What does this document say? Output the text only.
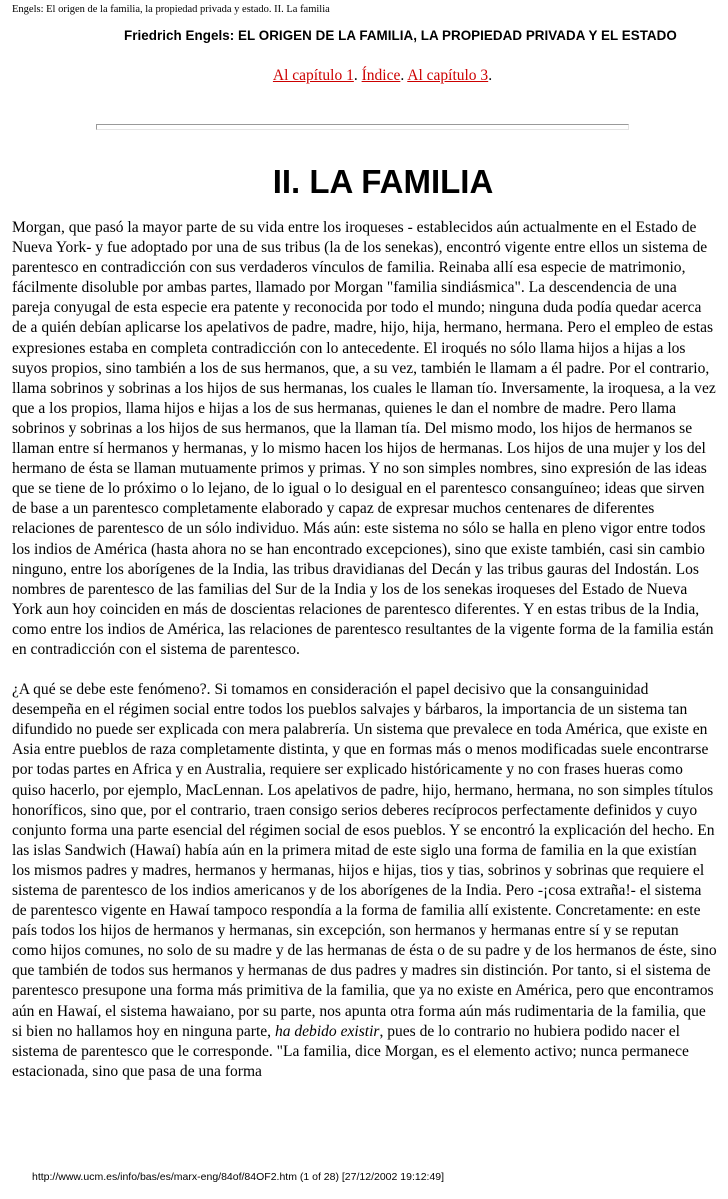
Engels: El origen de la familia, la propiedad privada y estado. II. La familia
Friedrich Engels: EL ORIGEN DE LA FAMILIA, LA PROPIEDAD PRIVADA Y EL ESTADO
Al capítulo 1. Índice. Al capítulo 3.
II. LA FAMILIA

Morgan, que pasó la mayor parte de su vida entre los iroqueses - establecidos aún actualmente en el Estado de Nueva York- y fue adoptado por una de sus tribus (la de los senekas), encontró vigente entre ellos un sistema de parentesco en contradicción con sus verdaderos vínculos de familia. Reinaba allí esa especie de matrimonio, fácilmente disoluble por ambas partes, llamado por Morgan "familia sindiásmica". La descendencia de una pareja conyugal de esta especie era patente y reconocida por todo el mundo; ninguna duda podía quedar acerca de a quién debían aplicarse los apelativos de padre, madre, hijo, hija, hermano, hermana. Pero el empleo de estas expresiones estaba en completa contradicción con lo antecedente. El iroqués no sólo llama hijos a hijas a los suyos propios, sino también a los de sus hermanos, que, a su vez, también le llamam a él padre. Por el contrario, llama sobrinos y sobrinas a los hijos de sus hermanas, los cuales le llaman tío. Inversamente, la iroquesa, a la vez que a los propios, llama hijos e hijas a los de sus hermanas, quienes le dan el nombre de madre. Pero llama sobrinos y sobrinas a los hijos de sus hermanos, que la llaman tía. Del mismo modo, los hijos de hermanos se llaman entre sí hermanos y hermanas, y lo mismo hacen los hijos de hermanas. Los hijos de una mujer y los del hermano de ésta se llaman mutuamente primos y primas. Y no son simples nombres, sino expresión de las ideas que se tiene de lo próximo o lo lejano, de lo igual o lo desigual en el parentesco consanguíneo; ideas que sirven de base a un parentesco completamente elaborado y capaz de expresar muchos centenares de diferentes relaciones de parentesco de un sólo individuo. Más aún: este sistema no sólo se halla en pleno vigor entre todos los indios de América (hasta ahora no se han encontrado excepciones), sino que existe también, casi sin cambio ninguno, entre los aborígenes de la India, las tribus dravidianas del Decán y las tribus gauras del Indostán. Los nombres de parentesco de las familias del Sur de la India y los de los senekas iroqueses del Estado de Nueva York aun hoy coinciden en más de doscientas relaciones de parentesco diferentes. Y en estas tribus de la India, como entre los indios de América, las relaciones de parentesco resultantes de la vigente forma de la familia están en contradicción con el sistema de parentesco.

¿A qué se debe este fenómeno?. Si tomamos en consideración el papel decisivo que la consanguinidad desempeña en el régimen social entre todos los pueblos salvajes y bárbaros, la importancia de un sistema tan difundido no puede ser explicada con mera palabrería. Un sistema que prevalece en toda América, que existe en Asia entre pueblos de raza completamente distinta, y que en formas más o menos modificadas suele encontrarse por todas partes en Africa y en Australia, requiere ser explicado históricamente y no con frases hueras como quiso hacerlo, por ejemplo, MacLennan. Los apelativos de padre, hijo, hermano, hermana, no son simples títulos honoríficos, sino que, por el contrario, traen consigo serios deberes recíprocos perfectamente definidos y cuyo conjunto forma una parte esencial del régimen social de esos pueblos. Y se encontró la explicación del hecho. En las islas Sandwich (Hawaí) había aún en la primera mitad de este siglo una forma de familia en la que existían los mismos padres y madres, hermanos y hermanas, hijos e hijas, tios y tias, sobrinos y sobrinas que requiere el sistema de parentesco de los indios americanos y de los aborígenes de la India. Pero -¡cosa extraña!- el sistema de parentesco vigente en Hawaí tampoco respondía a la forma de familia allí existente. Concretamente: en este país todos los hijos de hermanos y hermanas, sin excepción, son hermanos y hermanas entre sí y se reputan como hijos comunes, no solo de su madre y de las hermanas de ésta o de su padre y de los hermanos de éste, sino que también de todos sus hermanos y hermanas de dus padres y madres sin distinción. Por tanto, si el sistema de parentesco presupone una forma más primitiva de la familia, que ya no existe en América, pero que encontramos aún en Hawaí, el sistema hawaiano, por su parte, nos apunta otra forma aún más rudimentaria de la familia, que si bien no hallamos hoy en ninguna parte, ha debido existir, pues de lo contrario no hubiera podido nacer el sistema de parentesco que le corresponde. "La familia, dice Morgan, es el elemento activo; nunca permanece estacionada, sino que pasa de una forma

http://www.ucm.es/info/bas/es/marx-eng/84of/84OF2.htm (1 of 28) [27/12/2002 19:12:49]
